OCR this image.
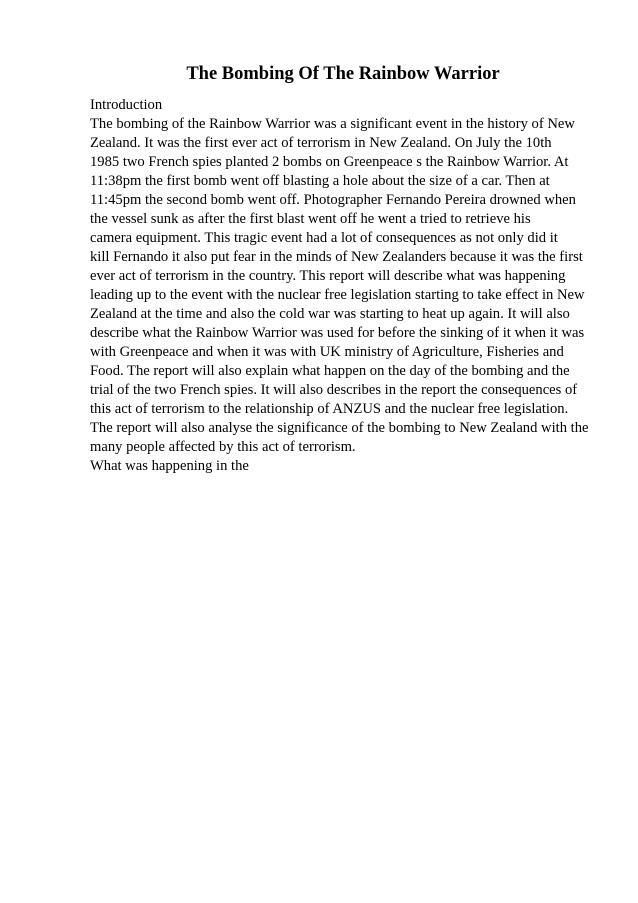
The Bombing Of The Rainbow Warrior
Introduction
The bombing of the Rainbow Warrior was a significant event in the history of New
Zealand. It was the first ever act of terrorism in New Zealand. On July the 10th
1985 two French spies planted 2 bombs on Greenpeace s the Rainbow Warrior. At
11:38pm the first bomb went off blasting a hole about the size of a car. Then at
11:45pm the second bomb went off. Photographer Fernando Pereira drowned when
the vessel sunk as after the first blast went off he went a tried to retrieve his
camera equipment. This tragic event had a lot of consequences as not only did it
kill Fernando it also put fear in the minds of New Zealanders because it was the first
ever act of terrorism in the country. This report will describe what was happening
leading up to the event with the nuclear free legislation starting to take effect in New
Zealand at the time and also the cold war was starting to heat up again. It will also
describe what the Rainbow Warrior was used for before the sinking of it when it was
with Greenpeace and when it was with UK ministry of Agriculture, Fisheries and
Food. The report will also explain what happen on the day of the bombing and the
trial of the two French spies. It will also describes in the report the consequences of
this act of terrorism to the relationship of ANZUS and the nuclear free legislation.
The report will also analyse the significance of the bombing to New Zealand with the
many people affected by this act of terrorism.
What was happening in the
